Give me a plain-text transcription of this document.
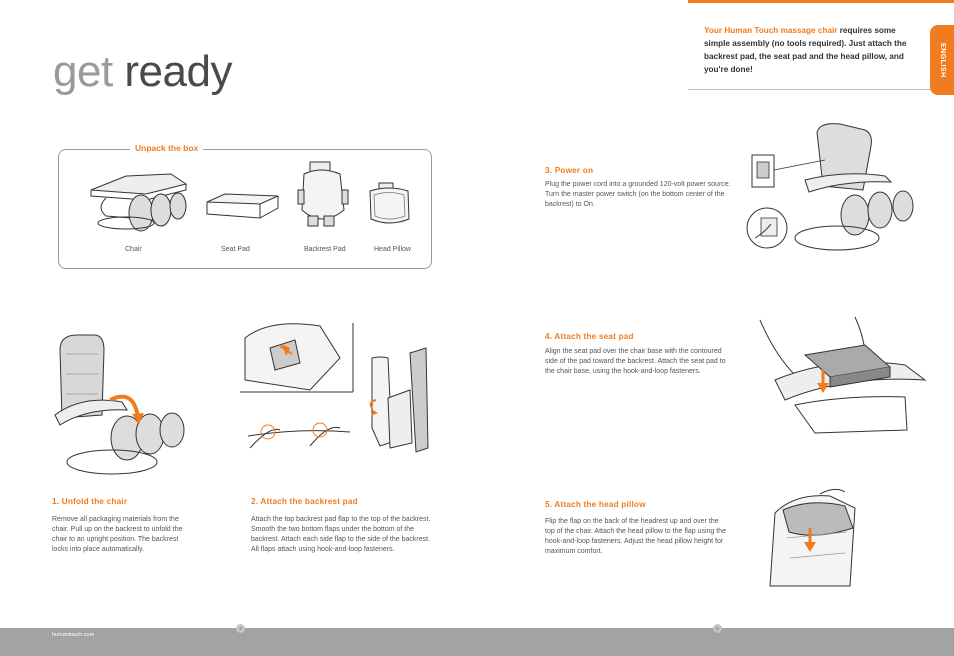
get ready
Your Human Touch massage chair requires some simple assembly (no tools required). Just attach the backrest pad, the seat pad and the head pillow, and you're done!	ENGLISH
Unpack the box
Chair	Seat Pad	Backrest Pad	Head Pillow
1. Unfold the chair
Remove all packaging materials from the chair. Pull up on the backrest to unfold the chair to an upright position. The backrest locks into place automatically.
2. Attach the backrest pad
Attach the top backrest pad flap to the top of the backrest. Smooth the two bottom flaps under the bottom of the backrest. Attach each side flap to the side of the backrest. All flaps attach using hook-and-loop fasteners.
3. Power on
Plug the power cord into a grounded 120-volt power source. Turn the master power switch (on the bottom center of the backrest) to On.
4. Attach the seat pad
Align the seat pad over the chair base with the contoured side of the pad toward the backrest. Attach the seat pad to the chair base, using the hook-and-loop fasteners.
5. Attach the head pillow
Flip the flap on the back of the headrest up and over the top of the chair. Attach the head pillow to the flap using the hook-and-loop fasteners. Adjust the head pillow height for maximum comfort.
humantouch.com
4	5
